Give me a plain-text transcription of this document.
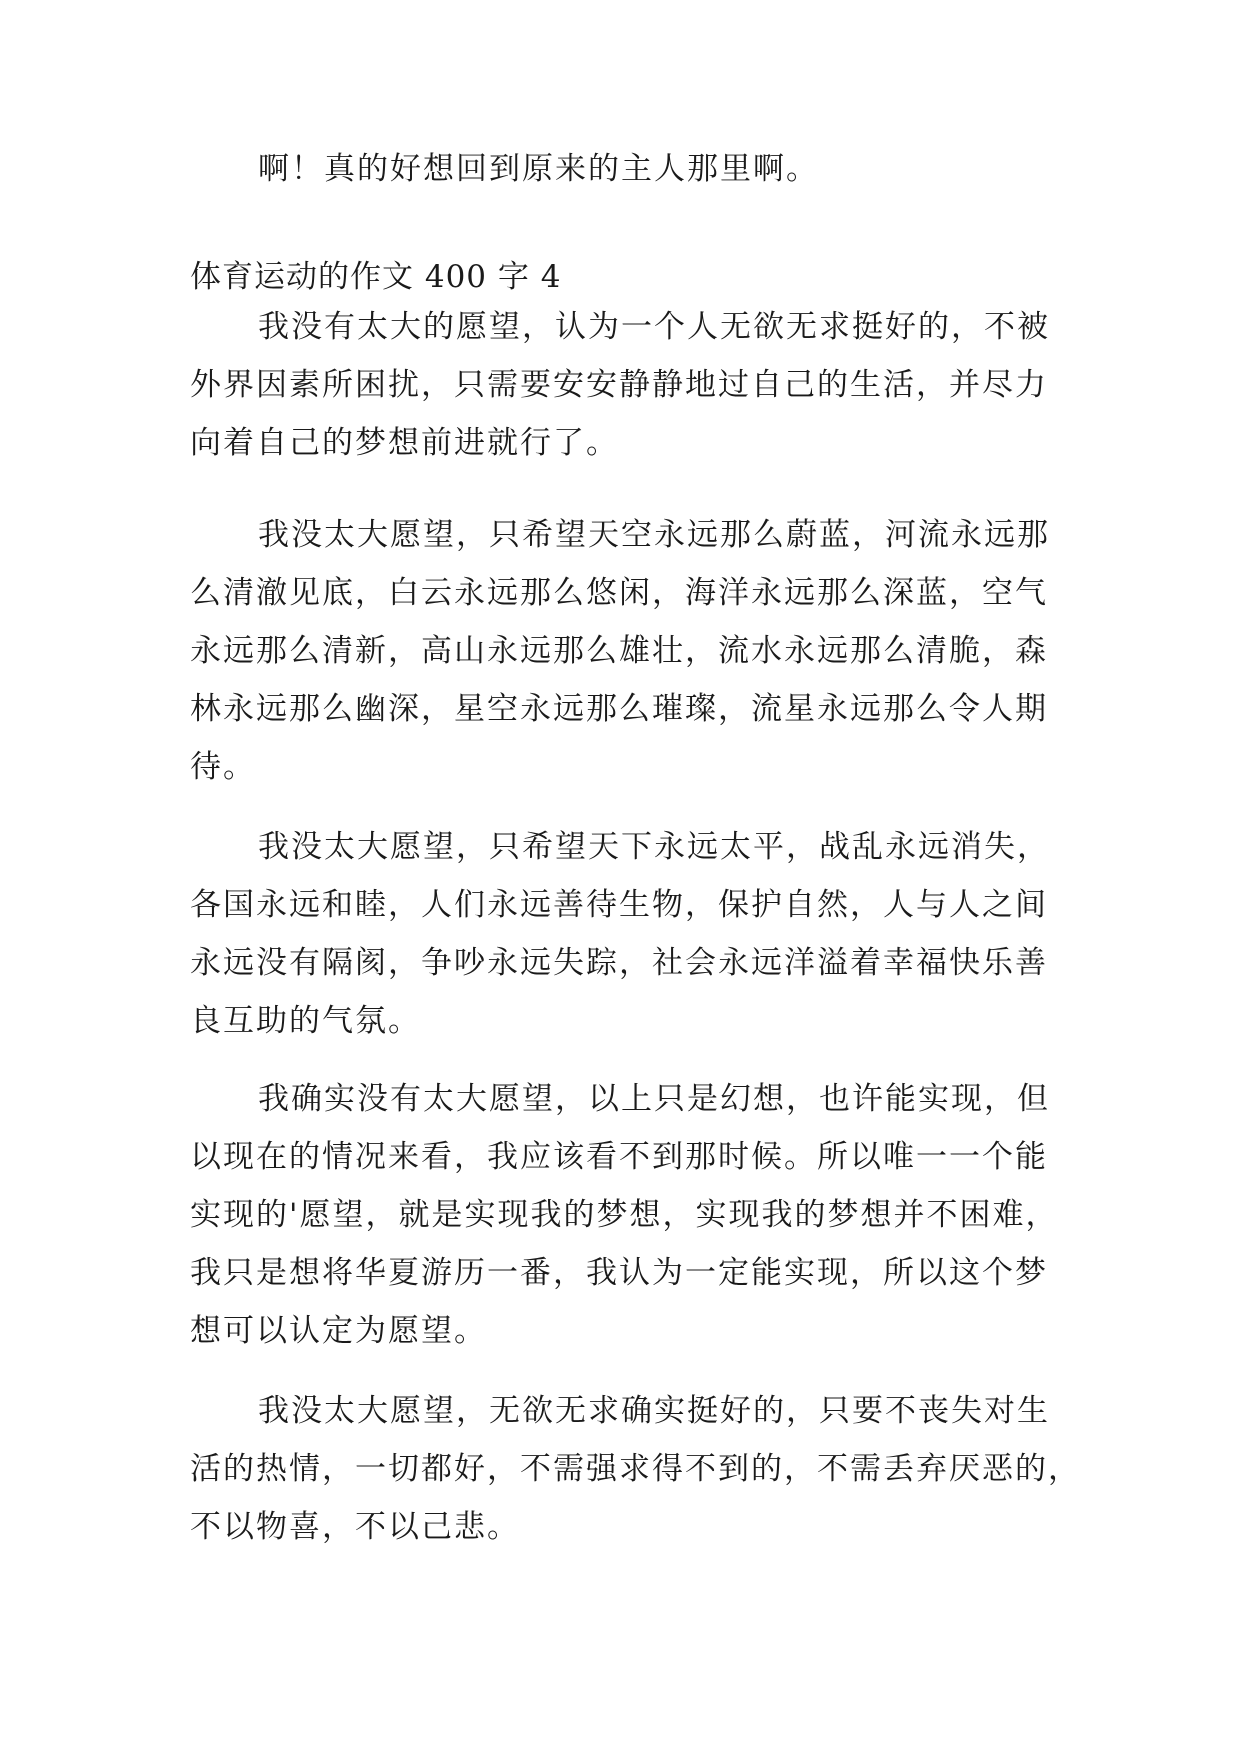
啊！真的好想回到原来的主人那里啊。
体育运动的作文 400 字 4
我没有太大的愿望，认为一个人无欲无求挺好的，不被
外界因素所困扰，只需要安安静静地过自己的生活，并尽力
向着自己的梦想前进就行了。
我没太大愿望，只希望天空永远那么蔚蓝，河流永远那
么清澈见底，白云永远那么悠闲，海洋永远那么深蓝，空气
永远那么清新，高山永远那么雄壮，流水永远那么清脆，森
林永远那么幽深，星空永远那么璀璨，流星永远那么令人期
待。
我没太大愿望，只希望天下永远太平，战乱永远消失，
各国永远和睦，人们永远善待生物，保护自然，人与人之间
永远没有隔阂，争吵永远失踪，社会永远洋溢着幸福快乐善
良互助的气氛。
我确实没有太大愿望，以上只是幻想，也许能实现，但
以现在的情况来看，我应该看不到那时候。所以唯一一个能
实现的'愿望，就是实现我的梦想，实现我的梦想并不困难，
我只是想将华夏游历一番，我认为一定能实现，所以这个梦
想可以认定为愿望。
我没太大愿望，无欲无求确实挺好的，只要不丧失对生
活的热情，一切都好，不需强求得不到的，不需丢弃厌恶的，
不以物喜，不以己悲。
